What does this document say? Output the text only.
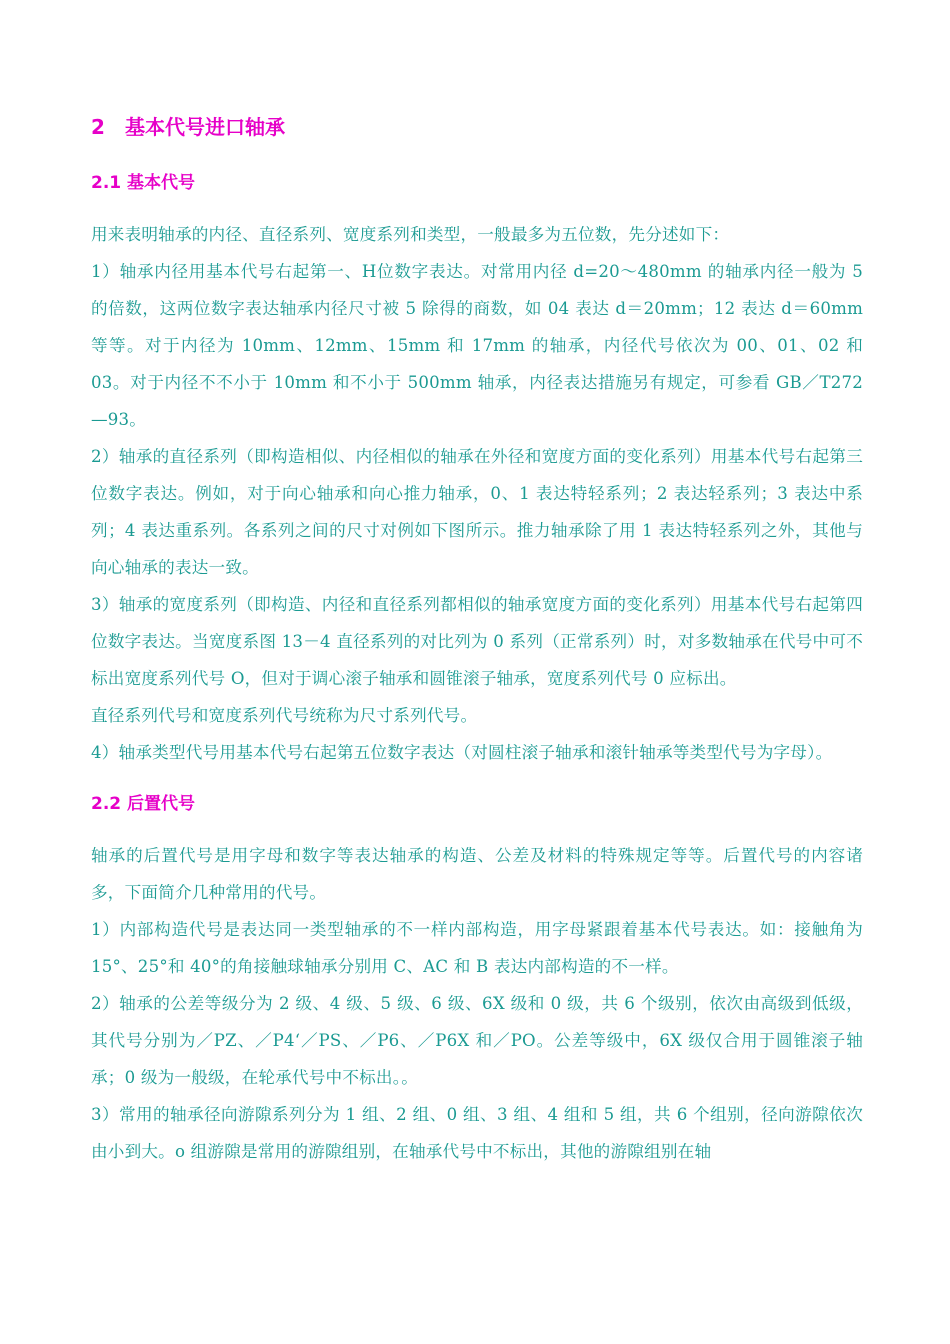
2 基本代号进口轴承
2.1 基本代号

用来表明轴承的内径、直径系列、宽度系列和类型，一般最多为五位数，先分述如下：

1）轴承内径用基本代号右起第一、H位数字表达。对常用内径 d=20～480mm 的轴承内径一般为 5 的倍数，这两位数字表达轴承内径尺寸被 5 除得的商数，如 04 表达 d＝20mm；12 表达 d＝60mm 等等。对于内径为 10mm、12mm、15mm 和 17mm 的轴承，内径代号依次为 00、01、02 和 03。对于内径不不小于 10mm 和不小于 500mm 轴承，内径表达措施另有规定，可参看 GB／T272—93。

2）轴承的直径系列（即构造相似、内径相似的轴承在外径和宽度方面的变化系列）用基本代号右起第三位数字表达。例如，对于向心轴承和向心推力轴承，0、1 表达特轻系列；2 表达轻系列；3 表达中系列；4 表达重系列。各系列之间的尺寸对例如下图所示。推力轴承除了用 1 表达特轻系列之外，其他与向心轴承的表达一致。

3）轴承的宽度系列（即构造、内径和直径系列都相似的轴承宽度方面的变化系列）用基本代号右起第四位数字表达。当宽度系图 13－4 直径系列的对比列为 0 系列（正常系列）时，对多数轴承在代号中可不标出宽度系列代号 O，但对于调心滚子轴承和圆锥滚子轴承，宽度系列代号 0 应标出。

直径系列代号和宽度系列代号统称为尺寸系列代号。

4）轴承类型代号用基本代号右起第五位数字表达（对圆柱滚子轴承和滚针轴承等类型代号为字母）。

2.2 后置代号

轴承的后置代号是用字母和数字等表达轴承的构造、公差及材料的特殊规定等等。后置代号的内容诸多，下面简介几种常用的代号。

1）内部构造代号是表达同一类型轴承的不一样内部构造，用字母紧跟着基本代号表达。如：接触角为 15°、25°和 40°的角接触球轴承分别用 C、AC 和 B 表达内部构造的不一样。

2）轴承的公差等级分为 2 级、4 级、5 级、6 级、6X 级和 0 级，共 6 个级别，依次由高级到低级，其代号分别为／PZ、／P4‘／PS、／P6、／P6X 和／PO。公差等级中，6X 级仅合用于圆锥滚子轴承；0 级为一般级，在轮承代号中不标出。。

3）常用的轴承径向游隙系列分为 1 组、2 组、0 组、3 组、4 组和 5 组，共 6 个组别，径向游隙依次由小到大。o 组游隙是常用的游隙组别，在轴承代号中不标出，其他的游隙组别在轴
